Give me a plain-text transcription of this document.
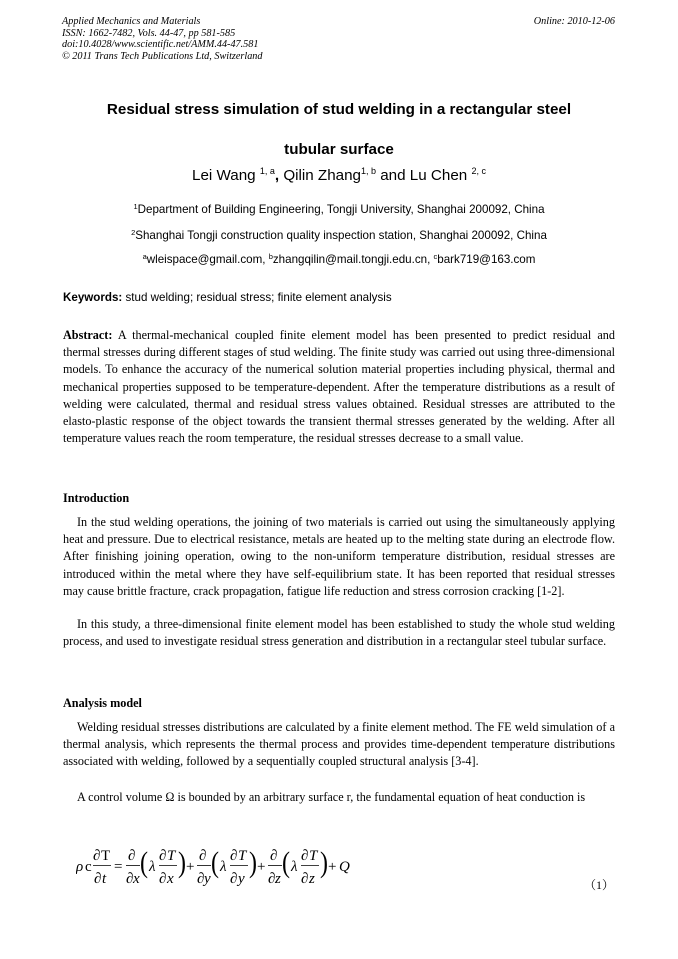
Applied Mechanics and Materials
ISSN: 1662-7482, Vols. 44-47, pp 581-585
doi:10.4028/www.scientific.net/AMM.44-47.581
© 2011 Trans Tech Publications Ltd, Switzerland
Online: 2010-12-06
Residual stress simulation of stud welding in a rectangular steel
tubular surface
Lei Wang $^{1, a}$, Qilin Zhang$^{1, b}$ and Lu Chen $^{2, c}$
$^1$Department of Building Engineering, Tongji University, Shanghai 200092, China
$^2$Shanghai Tongji construction quality inspection station, Shanghai 200092, China
$^a$wleispace@gmail.com, $^b$zhangqilin@mail.tongji.edu.cn, $^c$bark719@163.com
Keywords: stud welding; residual stress; finite element analysis
Abstract: A thermal-mechanical coupled finite element model has been presented to predict residual and thermal stresses during different stages of stud welding. The finite study was carried out using three-dimensional models. To enhance the accuracy of the numerical solution material properties including physical, thermal and mechanical properties supposed to be temperature-dependent. After the temperature distributions as a result of welding were calculated, thermal and residual stress values obtained. Residual stresses are attributed to the elasto-plastic response of the object towards the transient thermal stresses generated by the welding. After all temperature values reach the room temperature, the residual stresses decrease to a small value.
Introduction
In the stud welding operations, the joining of two materials is carried out using the simultaneously applying heat and pressure. Due to electrical resistance, metals are heated up to the melting state during an electrode flow. After finishing joining operation, owing to the non-uniform temperature distribution, residual stresses are introduced within the metal where they have self-equilibrium state. It has been reported that residual stresses may cause brittle fracture, crack propagation, fatigue life reduction and stress corrosion cracking [1-2].
In this study, a three-dimensional finite element model has been established to study the whole stud welding process, and used to investigate residual stress generation and distribution in a rectangular steel tubular surface.
Analysis model
Welding residual stresses distributions are calculated by a finite element method. The FE weld simulation of a thermal analysis, which represents the thermal process and provides time-dependent temperature distributions associated with welding, followed by a sequentially coupled structural analysis [3-4].
A control volume Ω is bounded by an arbitrary surface r, the fundamental equation of heat conduction is
ρ c
∂ T
∂ t
=
∂
∂ x
( λ
∂ T
∂ x
) +
∂
∂ y
( λ
∂ T
∂ y
) +
∂
∂ z
( λ
∂ T
∂ z
) + Q
（1）
